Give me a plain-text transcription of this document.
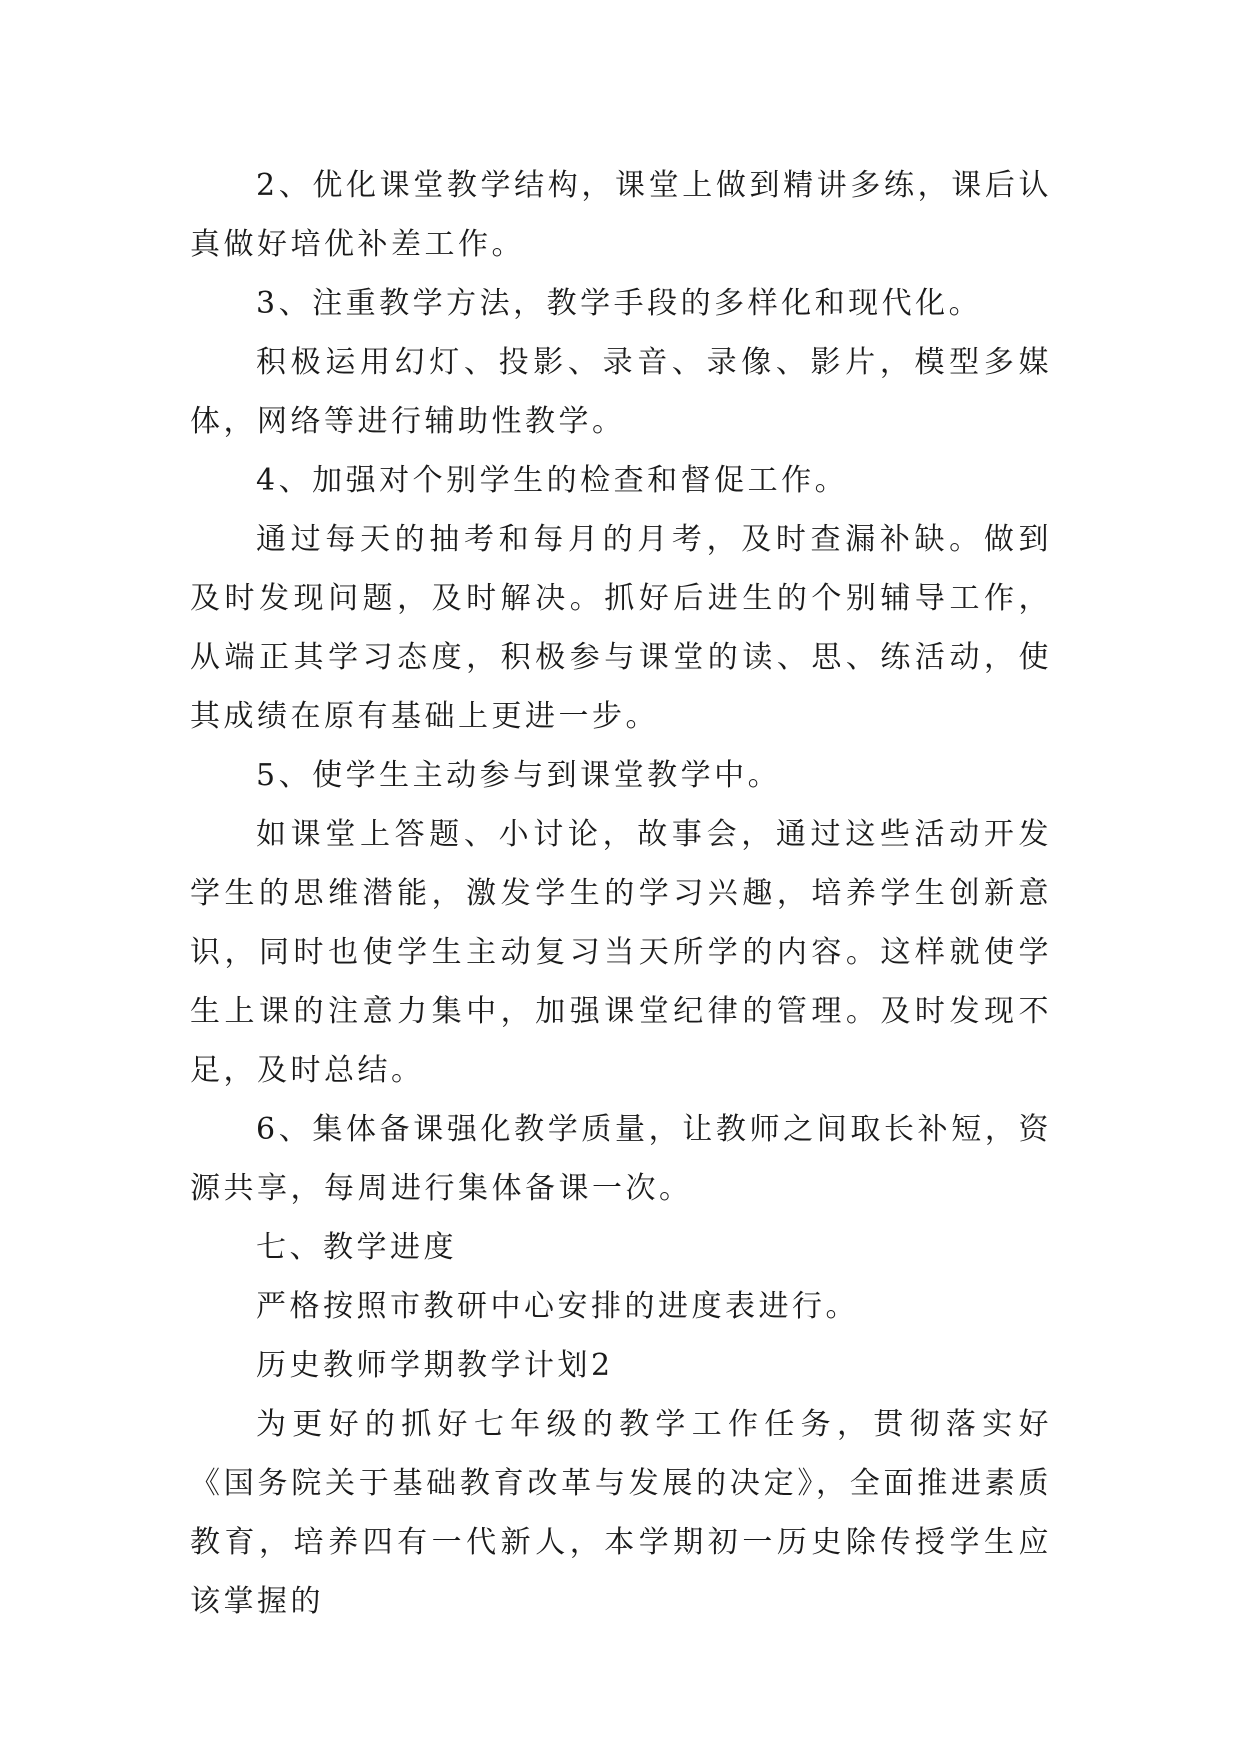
2、优化课堂教学结构，课堂上做到精讲多练，课后认真做好培优补差工作。

3、注重教学方法，教学手段的多样化和现代化。

积极运用幻灯、投影、录音、录像、影片，模型多媒体，网络等进行辅助性教学。

4、加强对个别学生的检查和督促工作。

通过每天的抽考和每月的月考，及时查漏补缺。做到及时发现问题，及时解决。抓好后进生的个别辅导工作，从端正其学习态度，积极参与课堂的读、思、练活动，使其成绩在原有基础上更进一步。

5、使学生主动参与到课堂教学中。

如课堂上答题、小讨论，故事会，通过这些活动开发学生的思维潜能，激发学生的学习兴趣，培养学生创新意识，同时也使学生主动复习当天所学的内容。这样就使学生上课的注意力集中，加强课堂纪律的管理。及时发现不足，及时总结。

6、集体备课强化教学质量，让教师之间取长补短，资源共享，每周进行集体备课一次。

七、教学进度

严格按照市教研中心安排的进度表进行。

历史教师学期教学计划2

为更好的抓好七年级的教学工作任务，贯彻落实好《国务院关于基础教育改革与发展的决定》，全面推进素质教育，培养四有一代新人，本学期初一历史除传授学生应该掌握的
